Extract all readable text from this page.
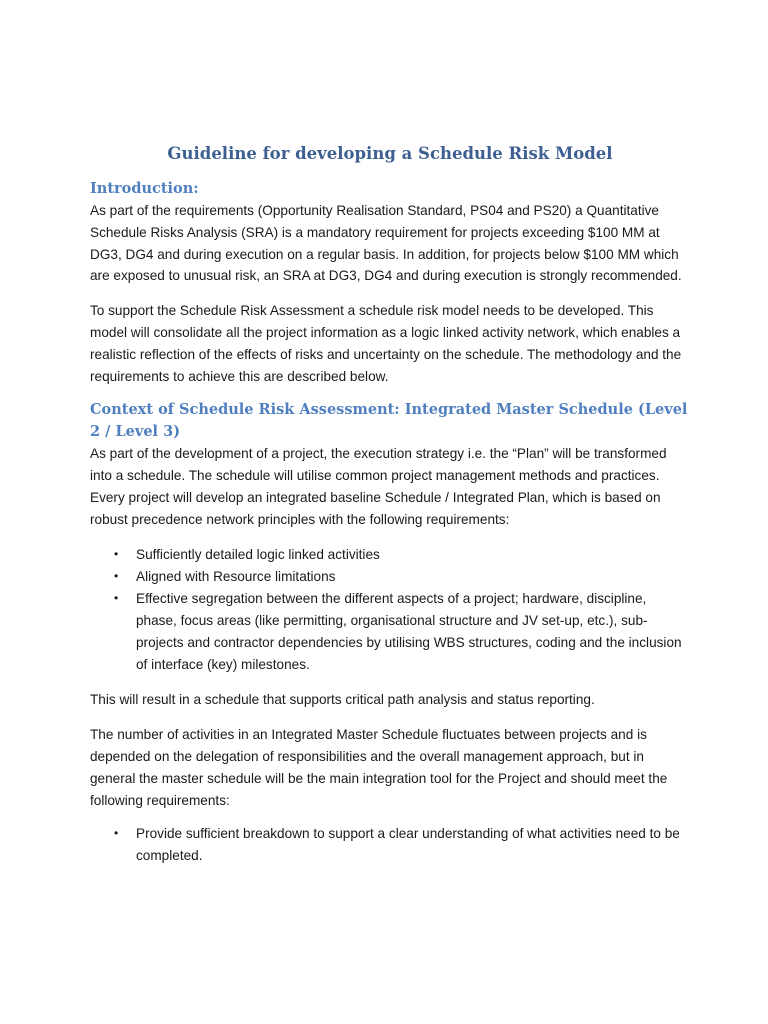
Guideline for developing a Schedule Risk Model
Introduction:

As part of the requirements (Opportunity Realisation Standard, PS04 and PS20) a Quantitative Schedule Risks Analysis (SRA) is a mandatory requirement for projects exceeding $100 MM at DG3, DG4 and during execution on a regular basis. In addition, for projects below $100 MM which are exposed to unusual risk, an SRA at DG3, DG4 and during execution is strongly recommended.

To support the Schedule Risk Assessment a schedule risk model needs to be developed. This model will consolidate all the project information as a logic linked activity network, which enables a realistic reflection of the effects of risks and uncertainty on the schedule. The methodology and the requirements to achieve this are described below.

Context of Schedule Risk Assessment: Integrated Master Schedule (Level 2 / Level 3)

As part of the development of a project, the execution strategy i.e. the “Plan” will be transformed into a schedule. The schedule will utilise common project management methods and practices. Every project will develop an integrated baseline Schedule / Integrated Plan, which is based on robust precedence network principles with the following requirements:

• Sufficiently detailed logic linked activities
• Aligned with Resource limitations
• Effective segregation between the different aspects of a project; hardware, discipline, phase, focus areas (like permitting, organisational structure and JV set-up, etc.), sub-projects and contractor dependencies by utilising WBS structures, coding and the inclusion of interface (key) milestones.

This will result in a schedule that supports critical path analysis and status reporting.

The number of activities in an Integrated Master Schedule fluctuates between projects and is depended on the delegation of responsibilities and the overall management approach, but in general the master schedule will be the main integration tool for the Project and should meet the following requirements:

• Provide sufficient breakdown to support a clear understanding of what activities need to be completed.
